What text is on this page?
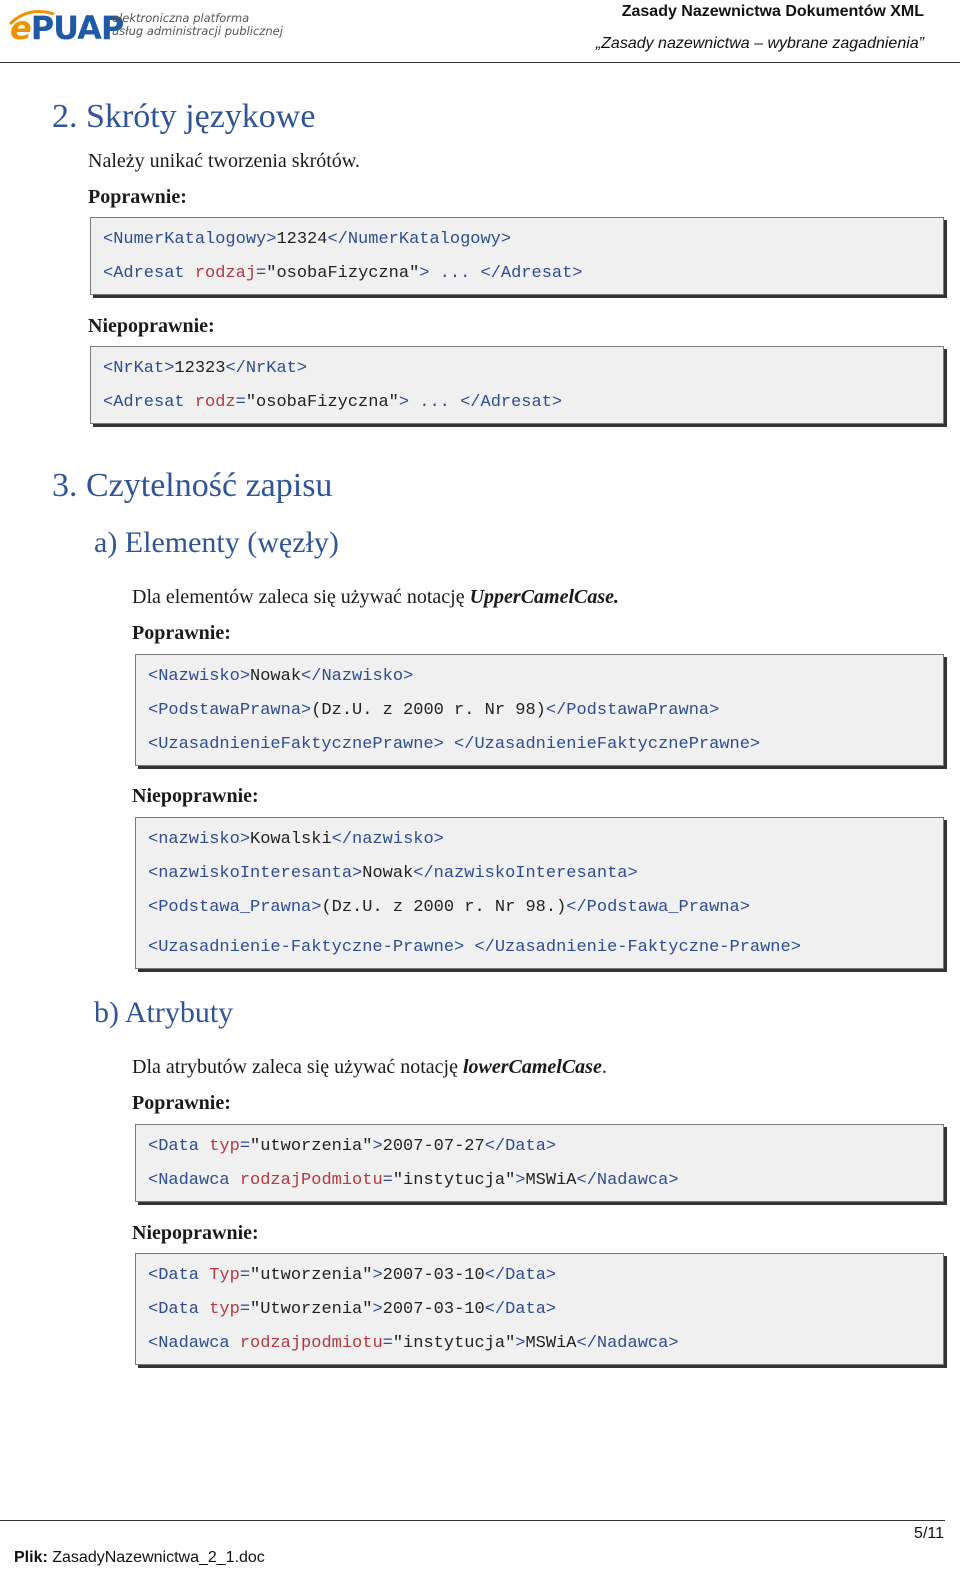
ePUAP
elektroniczna platforma
usług administracji publicznej
Zasady Nazewnictwa Dokumentów XML
„Zasady nazewnictwa – wybrane zagadnienia”
2. Skróty językowe
Należy unikać tworzenia skrótów.
Poprawnie:
<NumerKatalogowy>12324</NumerKatalogowy>
<Adresat rodzaj="osobaFizyczna"> ... </Adresat>
Niepoprawnie:
<NrKat>12323</NrKat>
<Adresat rodz="osobaFizyczna"> ... </Adresat>
3. Czytelność zapisu
a) Elementy (węzły)
Dla elementów zaleca się używać notację UpperCamelCase.
Poprawnie:
<Nazwisko>Nowak</Nazwisko>
<PodstawaPrawna>(Dz.U. z 2000 r. Nr 98)</PodstawaPrawna>
<UzasadnienieFaktycznePrawne> </UzasadnienieFaktycznePrawne>
Niepoprawnie:
<nazwisko>Kowalski</nazwisko>
<nazwiskoInteresanta>Nowak</nazwiskoInteresanta>
<Podstawa_Prawna>(Dz.U. z 2000 r. Nr 98.)</Podstawa_Prawna>
<Uzasadnienie-Faktyczne-Prawne> </Uzasadnienie-Faktyczne-Prawne>
b) Atrybuty
Dla atrybutów zaleca się używać notację lowerCamelCase.
Poprawnie:
<Data typ="utworzenia">2007-07-27</Data>
<Nadawca rodzajPodmiotu="instytucja">MSWiA</Nadawca>
Niepoprawnie:
<Data Typ="utworzenia">2007-03-10</Data>
<Data typ="Utworzenia">2007-03-10</Data>
<Nadawca rodzajpodmiotu="instytucja">MSWiA</Nadawca>
5/11
Plik: ZasadyNazewnictwa_2_1.doc
